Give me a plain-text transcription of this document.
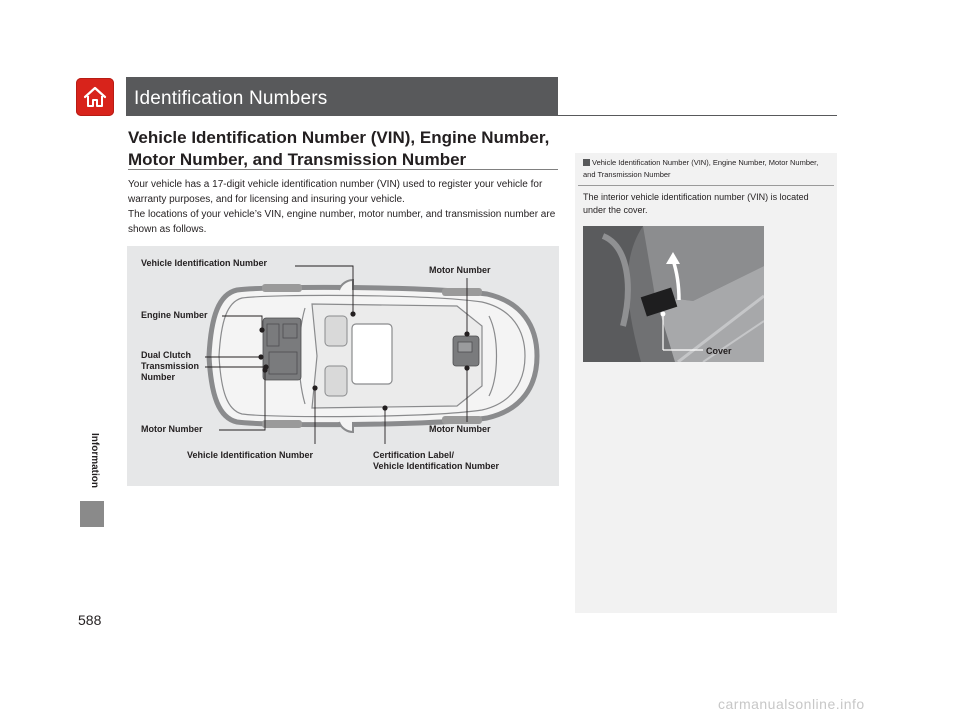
Information
588
Identification Numbers
Vehicle Identification Number (VIN), Engine Number, Motor Number, and Transmission Number

Your vehicle has a 17-digit vehicle identification number (VIN) used to register your vehicle for warranty purposes, and for licensing and insuring your vehicle.

The locations of your vehicle’s VIN, engine number, motor number, and transmission number are shown as follows.

Vehicle Identification Number
Engine Number
Dual Clutch
Transmission
Number
Motor Number
Vehicle Identification Number
Motor Number
Motor Number
Certification Label/
Vehicle Identification Number
Vehicle Identification Number (VIN), Engine Number, Motor Number, and Transmission Number
The interior vehicle identification number (VIN) is located under the cover.
Cover
carmanualsonline.info
